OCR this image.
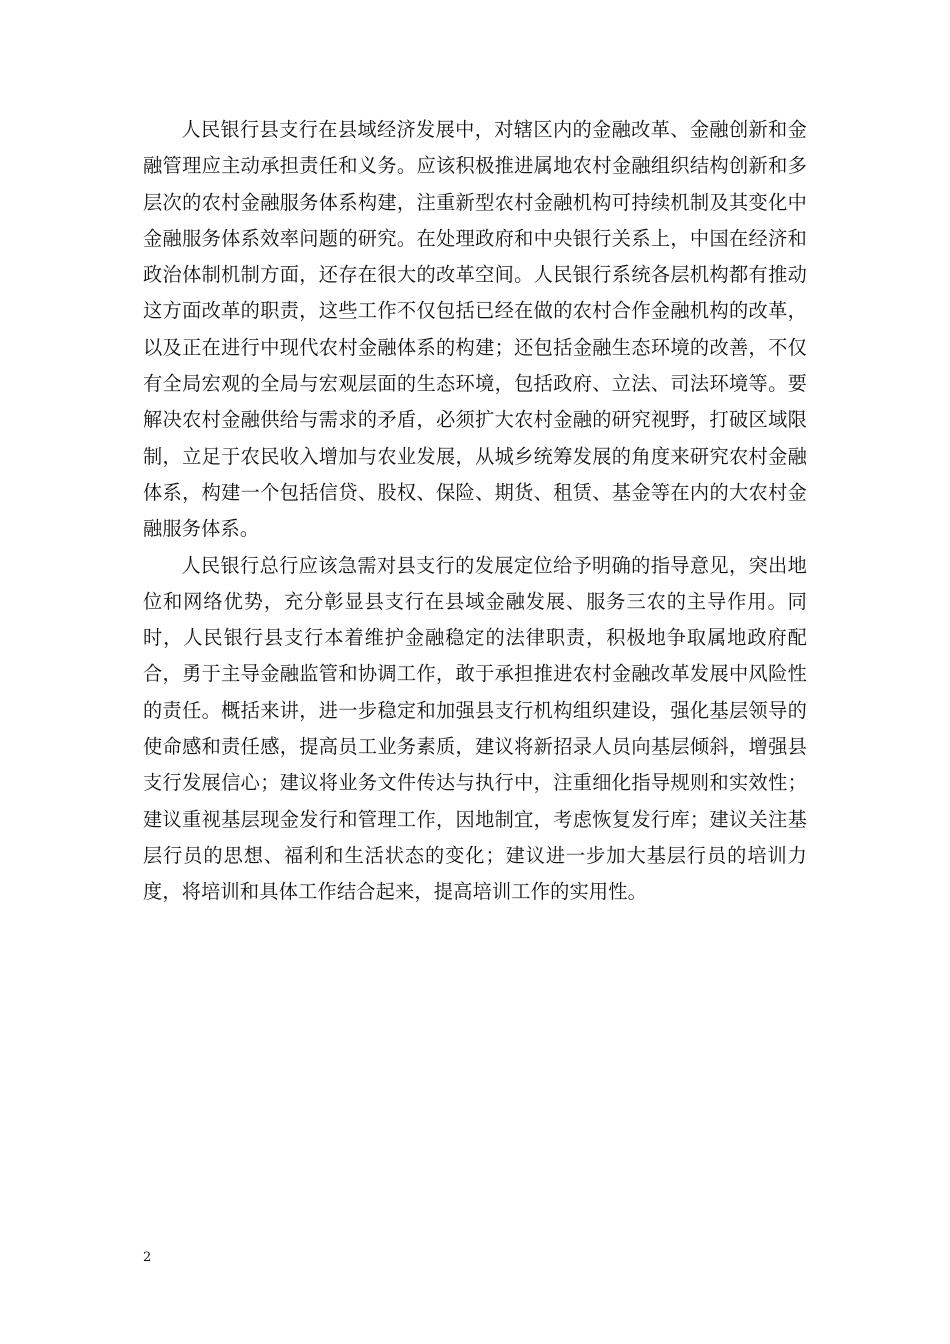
人民银行县支行在县域经济发展中，对辖区内的金融改革、金融创新和金融管理应主动承担责任和义务。应该积极推进属地农村金融组织结构创新和多层次的农村金融服务体系构建，注重新型农村金融机构可持续机制及其变化中金融服务体系效率问题的研究。在处理政府和中央银行关系上，中国在经济和政治体制机制方面，还存在很大的改革空间。人民银行系统各层机构都有推动这方面改革的职责，这些工作不仅包括已经在做的农村合作金融机构的改革，以及正在进行中现代农村金融体系的构建；还包括金融生态环境的改善，不仅有全局宏观的全局与宏观层面的生态环境，包括政府、立法、司法环境等。要解决农村金融供给与需求的矛盾，必须扩大农村金融的研究视野，打破区域限制，立足于农民收入增加与农业发展，从城乡统筹发展的角度来研究农村金融体系，构建一个包括信贷、股权、保险、期货、租赁、基金等在内的大农村金融服务体系。

人民银行总行应该急需对县支行的发展定位给予明确的指导意见，突出地位和网络优势，充分彰显县支行在县域金融发展、服务三农的主导作用。同时，人民银行县支行本着维护金融稳定的法律职责，积极地争取属地政府配合，勇于主导金融监管和协调工作，敢于承担推进农村金融改革发展中风险性的责任。概括来讲，进一步稳定和加强县支行机构组织建设，强化基层领导的使命感和责任感，提高员工业务素质，建议将新招录人员向基层倾斜，增强县支行发展信心；建议将业务文件传达与执行中，注重细化指导规则和实效性；建议重视基层现金发行和管理工作，因地制宜，考虑恢复发行库；建议关注基层行员的思想、福利和生活状态的变化；建议进一步加大基层行员的培训力度，将培训和具体工作结合起来，提高培训工作的实用性。

2
